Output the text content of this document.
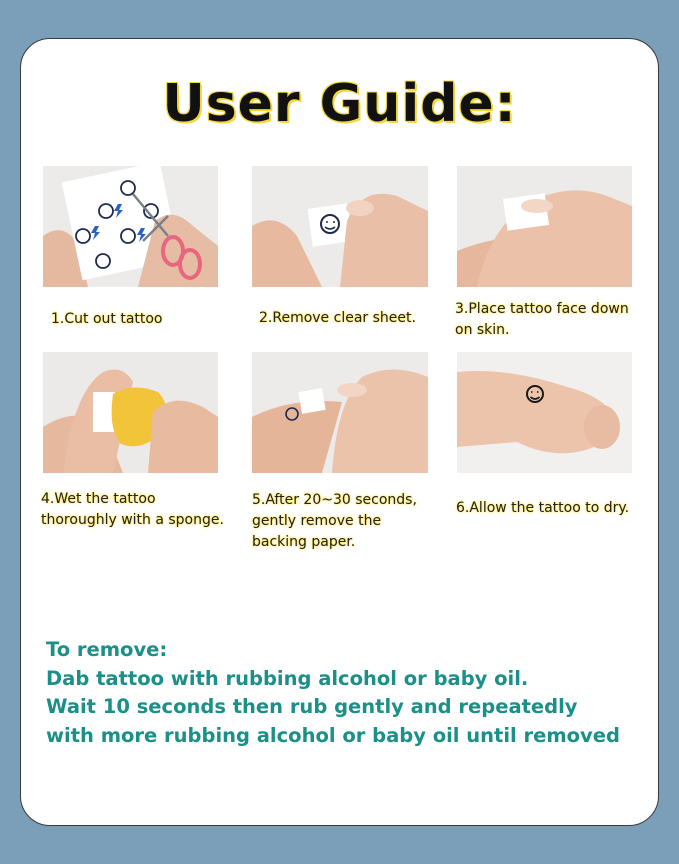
User Guide:
1.Cut out tattoo	2.Remove clear sheet.
3.Place tattoo face down
on skin.
4.Wet the tattoo
thoroughly with a sponge.
5.After 20~30 seconds,
gently remove the
backing paper.
6.Allow the tattoo to dry.
To remove:
Dab tattoo with rubbing alcohol or baby oil.
Wait 10 seconds then rub gently and repeatedly
with more rubbing alcohol or baby oil until removed
